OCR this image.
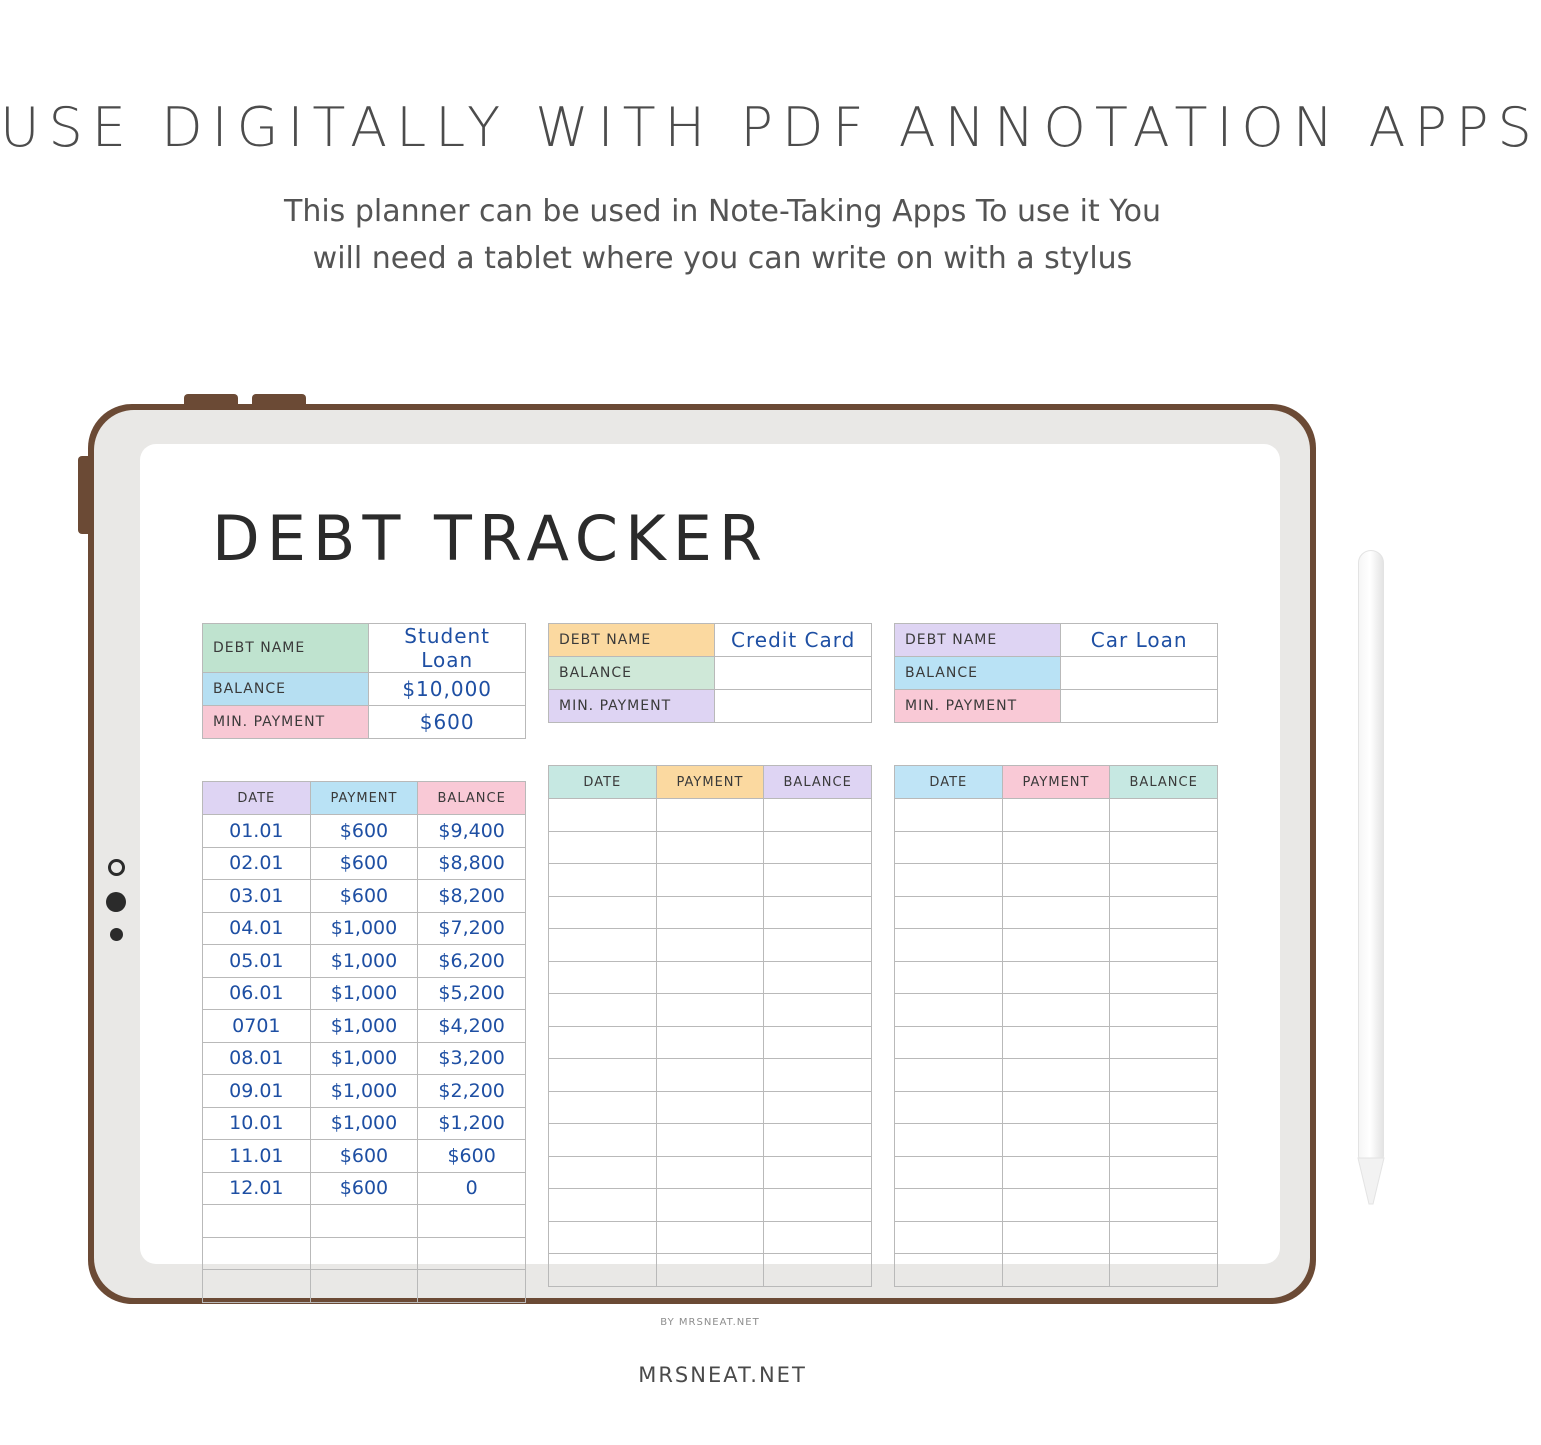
USE DIGITALLY WITH PDF ANNOTATION APPS
This planner can be used in Note-Taking Apps To use it You
will need a tablet where you can write on with a stylus
DEBT TRACKER
DEBT NAME	Student Loan
BALANCE	$10,000
MIN. PAYMENT	$600
DATE	PAYMENT	BALANCE
01.01	$600	$9,400
02.01	$600	$8,800
03.01	$600	$8,200
04.01	$1,000	$7,200
05.01	$1,000	$6,200
06.01	$1,000	$5,200
0701	$1,000	$4,200
08.01	$1,000	$3,200
09.01	$1,000	$2,200
10.01	$1,000	$1,200
11.01	$600	$600
12.01	$600	0

DEBT NAME	Credit Card
BALANCE	
MIN. PAYMENT	
DATE	PAYMENT	BALANCE

DEBT NAME	Car Loan
BALANCE	
MIN. PAYMENT	
DATE	PAYMENT	BALANCE

BY MRSNEAT.NET
MRSNEAT.NET
